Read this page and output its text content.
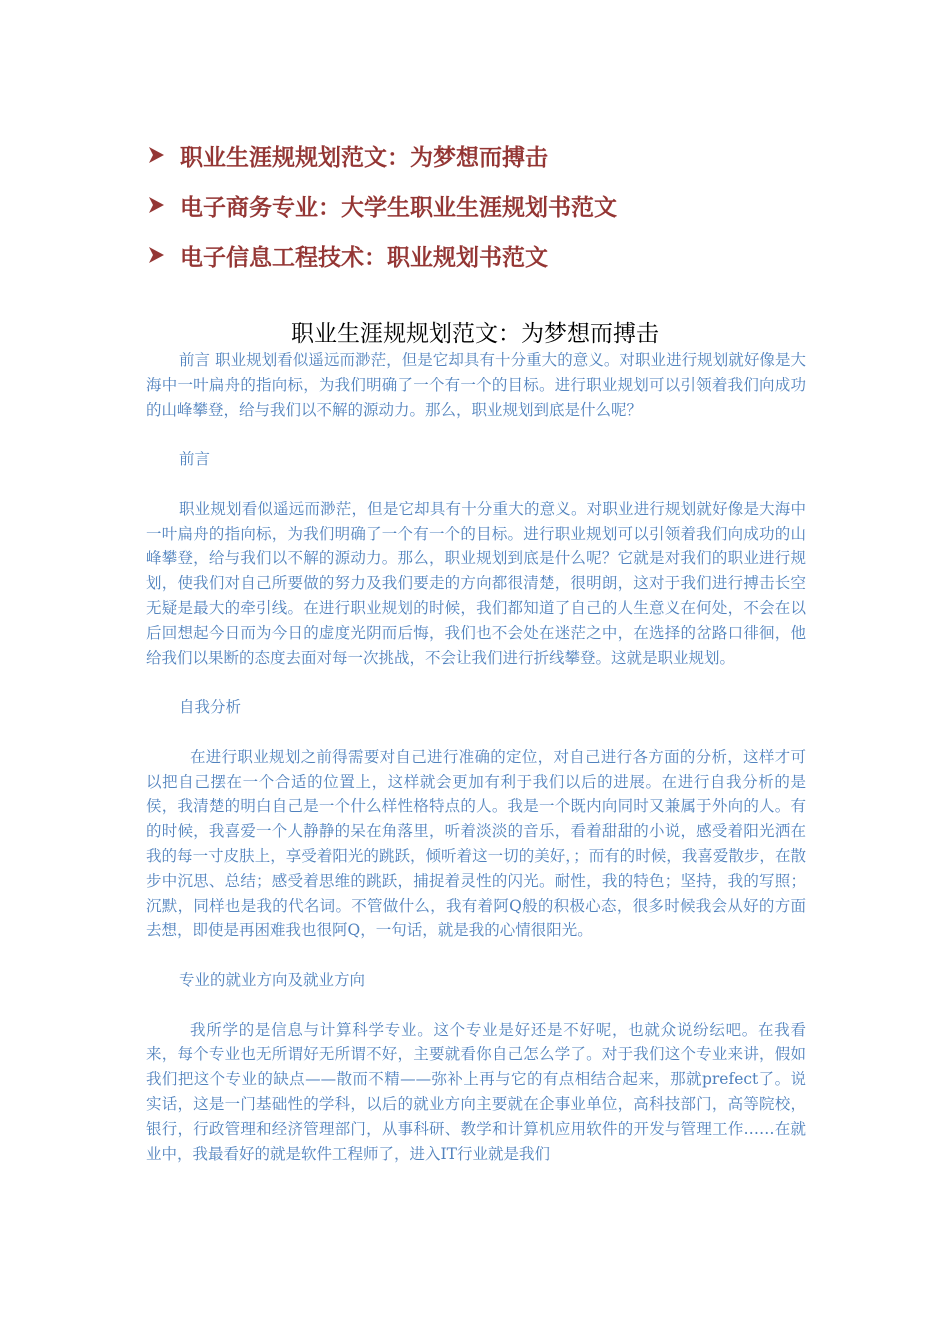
职业生涯规规划范文：为梦想而搏击
电子商务专业：大学生职业生涯规划书范文
电子信息工程技术：职业规划书范文
职业生涯规规划范文：为梦想而搏击

前言 职业规划看似遥远而渺茫，但是它却具有十分重大的意义。对职业进行规划就好像是大海中一叶扁舟的指向标，为我们明确了一个有一个的目标。进行职业规划可以引领着我们向成功的山峰攀登，给与我们以不解的源动力。那么，职业规划到底是什么呢？

前言

职业规划看似遥远而渺茫，但是它却具有十分重大的意义。对职业进行规划就好像是大海中一叶扁舟的指向标，为我们明确了一个有一个的目标。进行职业规划可以引领着我们向成功的山峰攀登，给与我们以不解的源动力。那么，职业规划到底是什么呢？它就是对我们的职业进行规划，使我们对自己所要做的努力及我们要走的方向都很清楚，很明朗，这对于我们进行搏击长空无疑是最大的牵引线。在进行职业规划的时候，我们都知道了自己的人生意义在何处，不会在以后回想起今日而为今日的虚度光阴而后悔，我们也不会处在迷茫之中，在选择的岔路口徘徊，他给我们以果断的态度去面对每一次挑战，不会让我们进行折线攀登。这就是职业规划。

自我分析

在进行职业规划之前得需要对自己进行准确的定位，对自己进行各方面的分析，这样才可以把自己摆在一个合适的位置上，这样就会更加有利于我们以后的进展。在进行自我分析的是侯，我清楚的明白自己是一个什么样性格特点的人。我是一个既内向同时又兼属于外向的人。有的时候，我喜爱一个人静静的呆在角落里，听着淡淡的音乐，看着甜甜的小说，感受着阳光洒在我的每一寸皮肤上，享受着阳光的跳跃，倾听着这一切的美好，；而有的时候，我喜爱散步，在散步中沉思、总结；感受着思维的跳跃，捕捉着灵性的闪光。耐性，我的特色；坚持，我的写照；沉默，同样也是我的代名词。不管做什么，我有着阿Q般的积极心态，很多时候我会从好的方面去想，即使是再困难我也很阿Q，一句话，就是我的心情很阳光。

专业的就业方向及就业方向

我所学的是信息与计算科学专业。这个专业是好还是不好呢，也就众说纷纭吧。在我看来，每个专业也无所谓好无所谓不好，主要就看你自己怎么学了。对于我们这个专业来讲，假如我们把这个专业的缺点——散而不精——弥补上再与它的有点相结合起来，那就prefect了。说实话，这是一门基础性的学科，以后的就业方向主要就在企事业单位，高科技部门，高等院校，银行，行政管理和经济管理部门，从事科研、教学和计算机应用软件的开发与管理工作……在就业中，我最看好的就是软件工程师了，进入IT行业就是我们
